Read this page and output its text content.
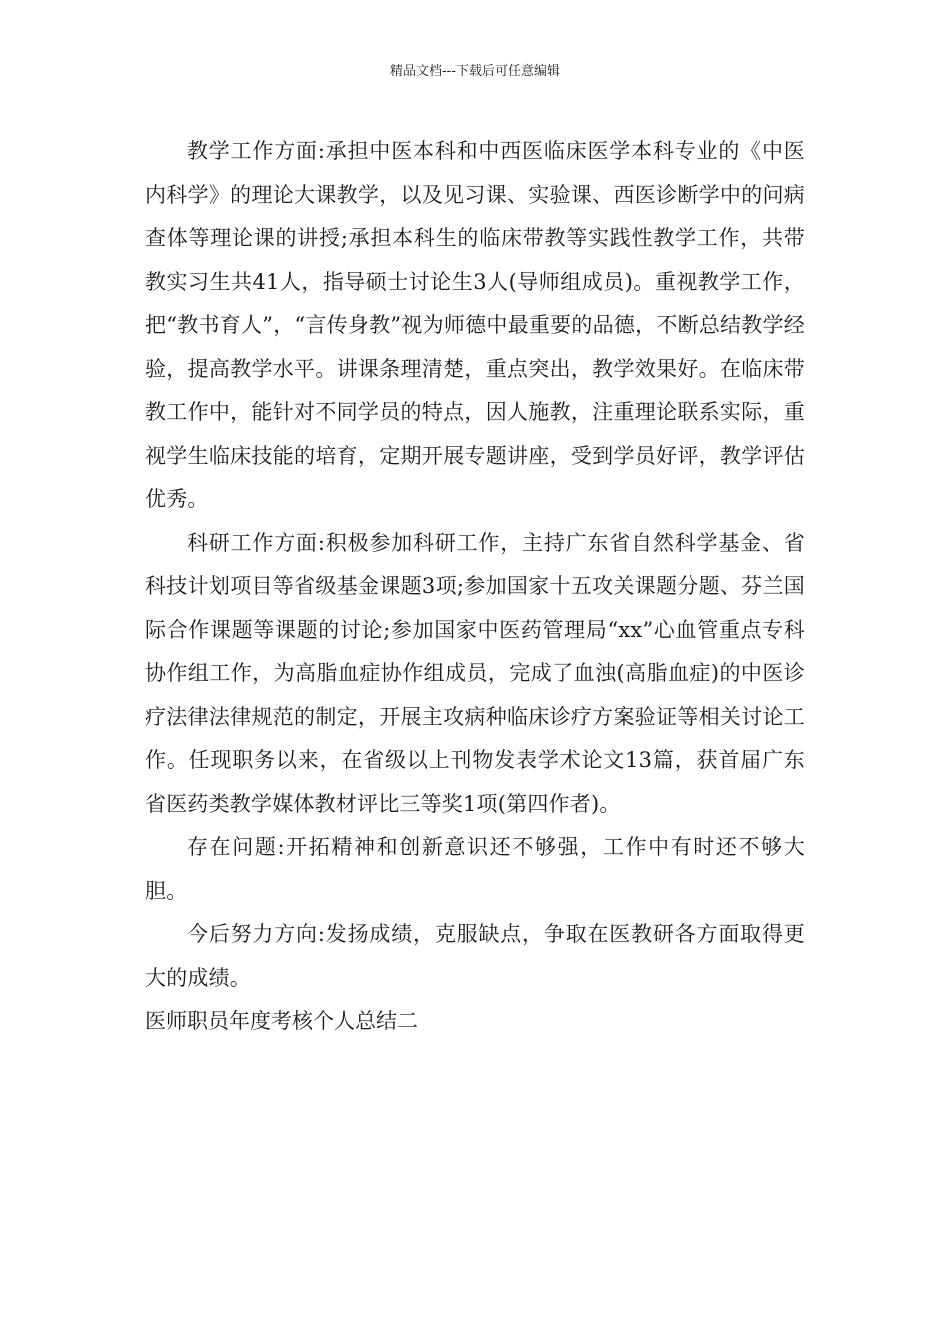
精品文档---下载后可任意编辑

教学工作方面:承担中医本科和中西医临床医学本科专业的《中医内科学》的理论大课教学，以及见习课、实验课、西医诊断学中的问病查体等理论课的讲授;承担本科生的临床带教等实践性教学工作，共带教实习生共41人，指导硕士讨论生3人(导师组成员)。重视教学工作，把“教书育人”，“言传身教”视为师德中最重要的品德，不断总结教学经验，提高教学水平。讲课条理清楚，重点突出，教学效果好。在临床带教工作中，能针对不同学员的特点，因人施教，注重理论联系实际，重视学生临床技能的培育，定期开展专题讲座，受到学员好评，教学评估优秀。

科研工作方面:积极参加科研工作，主持广东省自然科学基金、省科技计划项目等省级基金课题3项;参加国家十五攻关课题分题、芬兰国际合作课题等课题的讨论;参加国家中医药管理局“xx”心血管重点专科协作组工作，为高脂血症协作组成员，完成了血浊(高脂血症)的中医诊疗法律法律规范的制定，开展主攻病种临床诊疗方案验证等相关讨论工作。任现职务以来，在省级以上刊物发表学术论文13篇，获首届广东省医药类教学媒体教材评比三等奖1项(第四作者)。

存在问题:开拓精神和创新意识还不够强，工作中有时还不够大胆。

今后努力方向:发扬成绩，克服缺点，争取在医教研各方面取得更大的成绩。

医师职员年度考核个人总结二
